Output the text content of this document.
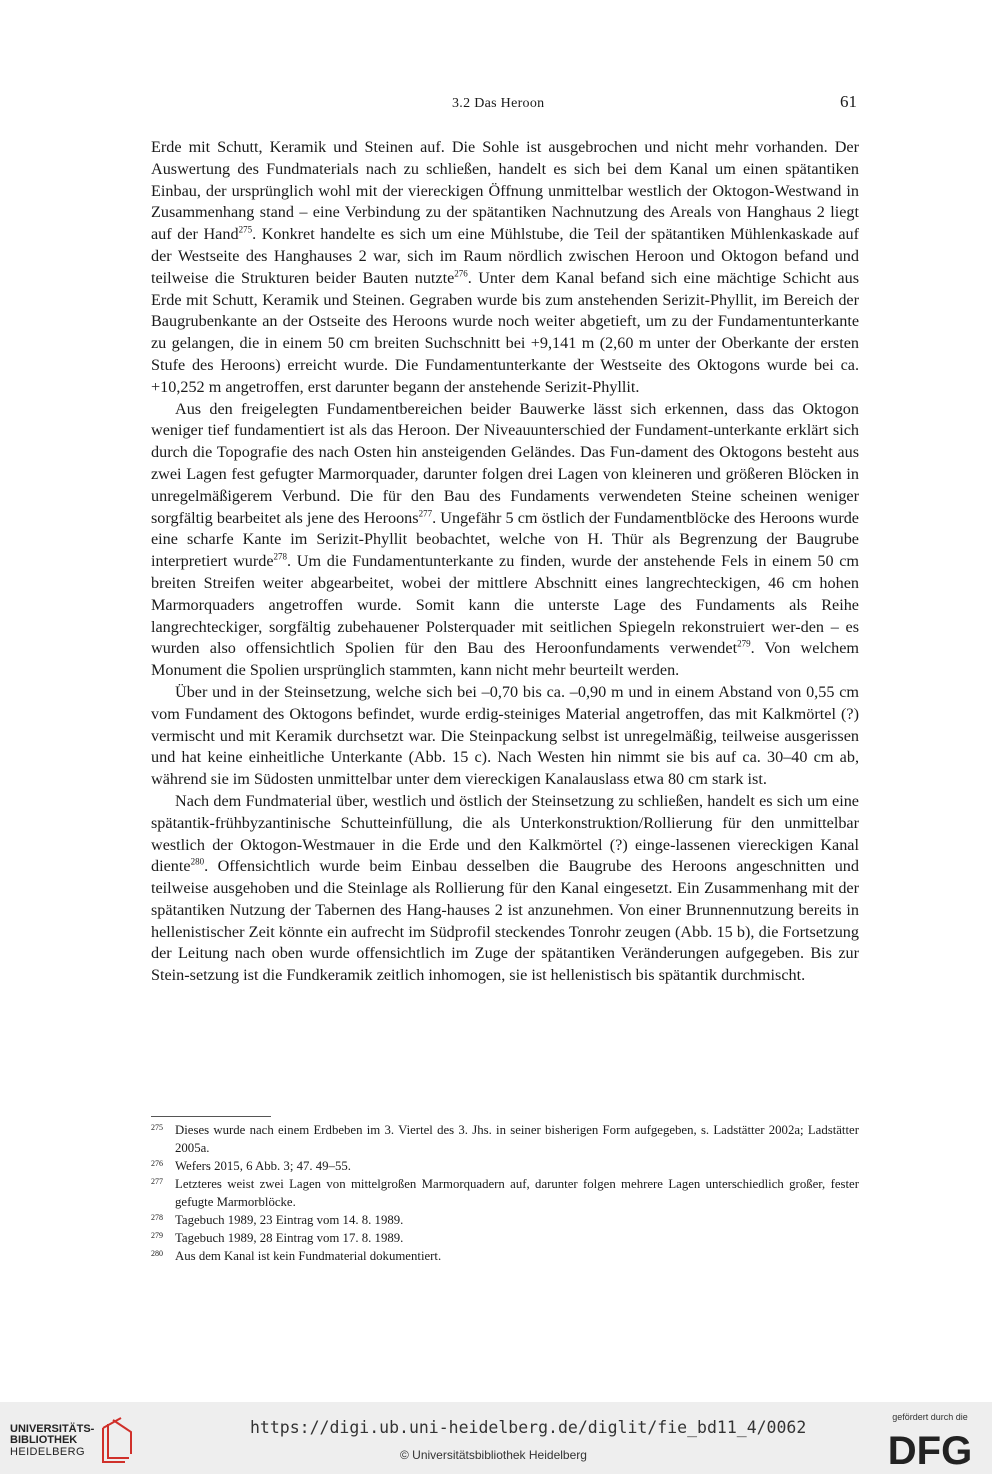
3.2 Das Heroon	61

Erde mit Schutt, Keramik und Steinen auf. Die Sohle ist ausgebrochen und nicht mehr vorhanden. Der Auswertung des Fundmaterials nach zu schließen, handelt es sich bei dem Kanal um einen spätantiken Einbau, der ursprünglich wohl mit der viereckigen Öffnung unmittelbar westlich der Oktogon-Westwand in Zusammenhang stand – eine Verbindung zu der spätantiken Nachnutzung des Areals von Hanghaus 2 liegt auf der Hand$^{275}$. Konkret handelte es sich um eine Mühlstube, die Teil der spätantiken Mühlenkaskade auf der Westseite des Hanghauses 2 war, sich im Raum nördlich zwischen Heroon und Oktogon befand und teilweise die Strukturen beider Bauten nutzte$^{276}$. Unter dem Kanal befand sich eine mächtige Schicht aus Erde mit Schutt, Keramik und Steinen. Gegraben wurde bis zum anstehenden Serizit-Phyllit, im Bereich der Baugrubenkante an der Ostseite des Heroons wurde noch weiter abgetieft, um zu der Fundamentunterkante zu gelangen, die in einem 50 cm breiten Suchschnitt bei +9,141 m (2,60 m unter der Oberkante der ersten Stufe des Heroons) erreicht wurde. Die Fundamentunterkante der Westseite des Oktogons wurde bei ca. +10,252 m angetroffen, erst darunter begann der anstehende Serizit-Phyllit.

Aus den freigelegten Fundamentbereichen beider Bauwerke lässt sich erkennen, dass das Oktogon weniger tief fundamentiert ist als das Heroon. Der Niveauunterschied der Fundament-unterkante erklärt sich durch die Topografie des nach Osten hin ansteigenden Geländes. Das Fun-dament des Oktogons besteht aus zwei Lagen fest gefugter Marmorquader, darunter folgen drei Lagen von kleineren und größeren Blöcken in unregelmäßigerem Verbund. Die für den Bau des Fundaments verwendeten Steine scheinen weniger sorgfältig bearbeitet als jene des Heroons$^{277}$. Ungefähr 5 cm östlich der Fundamentblöcke des Heroons wurde eine scharfe Kante im Serizit-Phyllit beobachtet, welche von H. Thür als Begrenzung der Baugrube interpretiert wurde$^{278}$. Um die Fundamentunterkante zu finden, wurde der anstehende Fels in einem 50 cm breiten Streifen weiter abgearbeitet, wobei der mittlere Abschnitt eines langrechteckigen, 46 cm hohen Marmorquaders angetroffen wurde. Somit kann die unterste Lage des Fundaments als Reihe langrechteckiger, sorgfältig zubehauener Polsterquader mit seitlichen Spiegeln rekonstruiert wer-den – es wurden also offensichtlich Spolien für den Bau des Heroonfundaments verwendet$^{279}$. Von welchem Monument die Spolien ursprünglich stammten, kann nicht mehr beurteilt werden.

Über und in der Steinsetzung, welche sich bei –0,70 bis ca. –0,90 m und in einem Abstand von 0,55 cm vom Fundament des Oktogons befindet, wurde erdig-steiniges Material angetroffen, das mit Kalkmörtel (?) vermischt und mit Keramik durchsetzt war. Die Steinpackung selbst ist unregelmäßig, teilweise ausgerissen und hat keine einheitliche Unterkante (Abb. 15 c). Nach Westen hin nimmt sie bis auf ca. 30–40 cm ab, während sie im Südosten unmittelbar unter dem viereckigen Kanalauslass etwa 80 cm stark ist.

Nach dem Fundmaterial über, westlich und östlich der Steinsetzung zu schließen, handelt es sich um eine spätantik-frühbyzantinische Schutteinfüllung, die als Unterkonstruktion/Rollierung für den unmittelbar westlich der Oktogon-Westmauer in die Erde und den Kalkmörtel (?) einge-lassenen viereckigen Kanal diente$^{280}$. Offensichtlich wurde beim Einbau desselben die Baugrube des Heroons angeschnitten und teilweise ausgehoben und die Steinlage als Rollierung für den Kanal eingesetzt. Ein Zusammenhang mit der spätantiken Nutzung der Tabernen des Hang-hauses 2 ist anzunehmen. Von einer Brunnennutzung bereits in hellenistischer Zeit könnte ein aufrecht im Südprofil steckendes Tonrohr zeugen (Abb. 15 b), die Fortsetzung der Leitung nach oben wurde offensichtlich im Zuge der spätantiken Veränderungen aufgegeben. Bis zur Stein-setzung ist die Fundkeramik zeitlich inhomogen, sie ist hellenistisch bis spätantik durchmischt.

275 Dieses wurde nach einem Erdbeben im 3. Viertel des 3. Jhs. in seiner bisherigen Form aufgegeben, s. Ladstätter 2002a; Ladstätter 2005a.
276 Wefers 2015, 6 Abb. 3; 47. 49–55.
277 Letzteres weist zwei Lagen von mittelgroßen Marmorquadern auf, darunter folgen mehrere Lagen unterschiedlich großer, fester gefugte Marmorblöcke.
278 Tagebuch 1989, 23 Eintrag vom 14. 8. 1989.
279 Tagebuch 1989, 28 Eintrag vom 17. 8. 1989.
280 Aus dem Kanal ist kein Fundmaterial dokumentiert.
UNIVERSITÄTS-
BIBLIOTHEK
HEIDELBERG
https://digi.ub.uni-heidelberg.de/diglit/fie_bd11_4/0062
© Universitätsbibliothek Heidelberg
gefördert durch die
DFG
